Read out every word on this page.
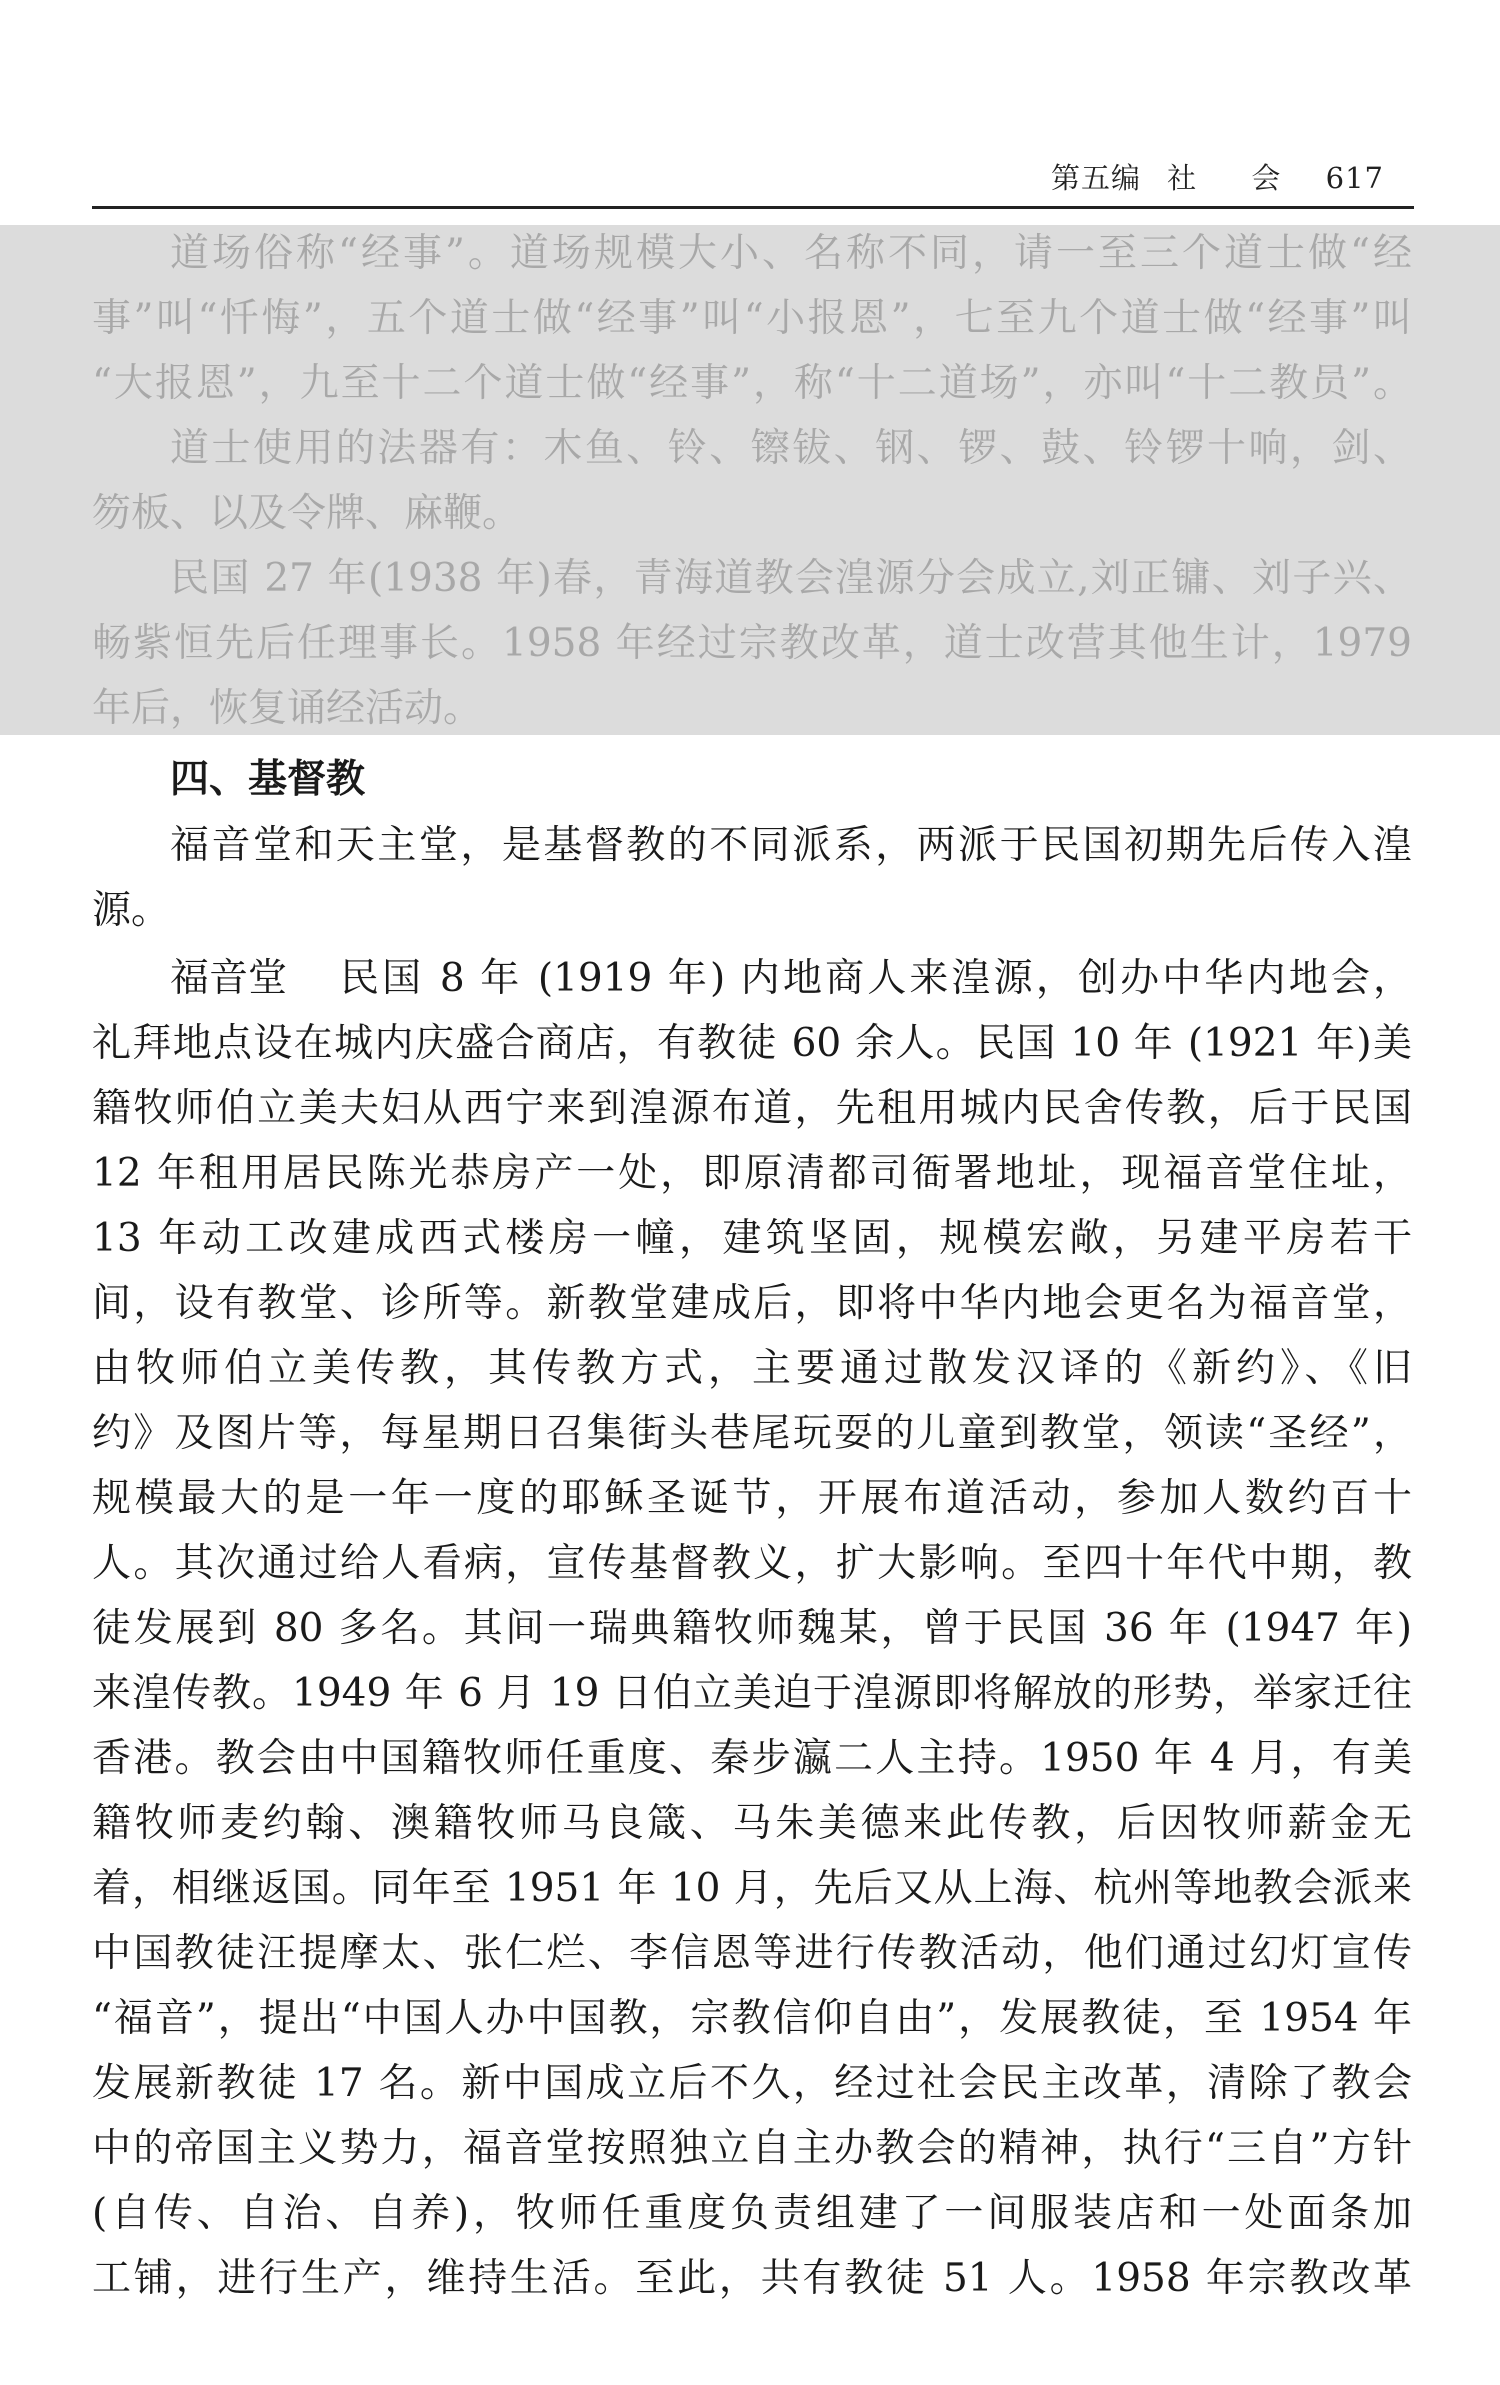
第五编 社 会 617
道场俗称“经事”。道场规模大小、名称不同，请一至三个道士做“经
事”叫“忏悔”，五个道士做“经事”叫“小报恩”，七至九个道士做“经事”叫
“大报恩”，九至十二个道士做“经事”，称“十二道场”，亦叫“十二教员”。
道士使用的法器有：木鱼、铃、镲钹、钢、锣、鼓、铃锣十响，剑、
笏板、以及令牌、麻鞭。
民国 27 年(1938 年)春，青海道教会湟源分会成立,刘正镛、刘子兴、
畅紫恒先后任理事长。1958 年经过宗教改革，道士改营其他生计，1979
年后，恢复诵经活动。
四、基督教
福音堂和天主堂，是基督教的不同派系，两派于民国初期先后传入湟
源。
福音堂 民国 8 年 (1919 年) 内地商人来湟源，创办中华内地会，
礼拜地点设在城内庆盛合商店，有教徒 60 余人。民国 10 年 (1921 年)美
籍牧师伯立美夫妇从西宁来到湟源布道，先租用城内民舍传教，后于民国
12 年租用居民陈光恭房产一处，即原清都司衙署地址，现福音堂住址，
13 年动工改建成西式楼房一幢，建筑坚固，规模宏敞，另建平房若干
间，设有教堂、诊所等。新教堂建成后，即将中华内地会更名为福音堂，
由牧师伯立美传教，其传教方式，主要通过散发汉译的《新约》、《旧
约》及图片等，每星期日召集街头巷尾玩耍的儿童到教堂，领读“圣经”，
规模最大的是一年一度的耶稣圣诞节，开展布道活动，参加人数约百十
人。其次通过给人看病，宣传基督教义，扩大影响。至四十年代中期，教
徒发展到 80 多名。其间一瑞典籍牧师魏某，曾于民国 36 年 (1947 年)
来湟传教。1949 年 6 月 19 日伯立美迫于湟源即将解放的形势，举家迁往
香港。教会由中国籍牧师任重度、秦步瀛二人主持。1950 年 4 月，有美
籍牧师麦约翰、澳籍牧师马良箴、马朱美德来此传教，后因牧师薪金无
着，相继返国。同年至 1951 年 10 月，先后又从上海、杭州等地教会派来
中国教徒汪提摩太、张仁烂、李信恩等进行传教活动，他们通过幻灯宣传
“福音”，提出“中国人办中国教，宗教信仰自由”，发展教徒，至 1954 年
发展新教徒 17 名。新中国成立后不久，经过社会民主改革，清除了教会
中的帝国主义势力，福音堂按照独立自主办教会的精神，执行“三自”方针
(自传、自治、自养)，牧师任重度负责组建了一间服装店和一处面条加
工铺，进行生产，维持生活。至此，共有教徒 51 人。1958 年宗教改革
